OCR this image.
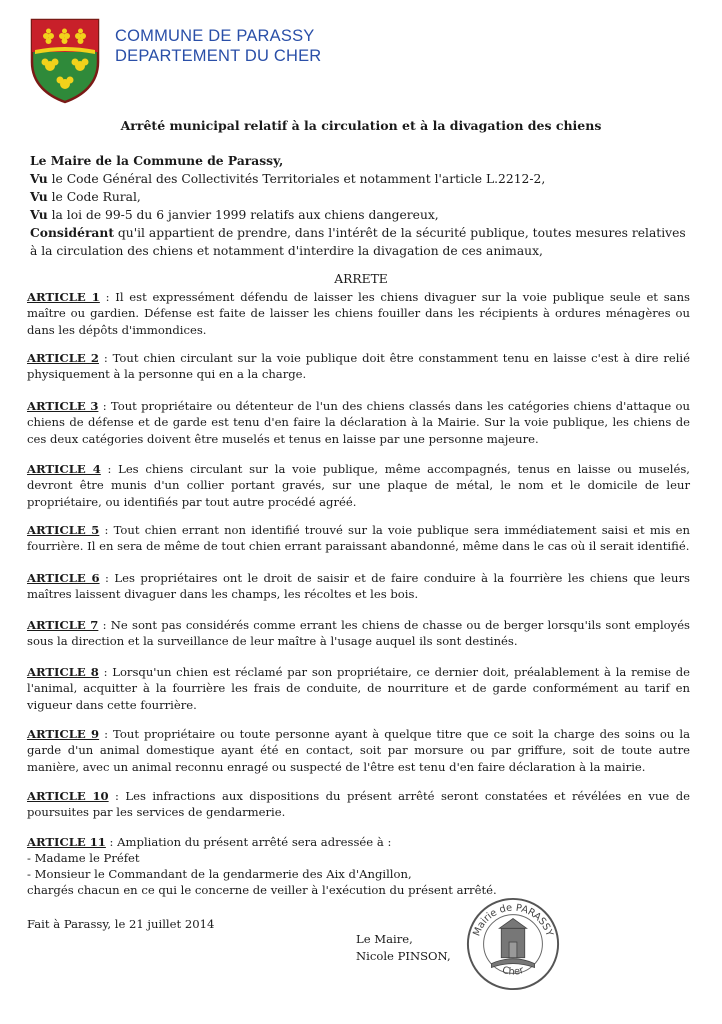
COMMUNE DE PARASSY
DEPARTEMENT DU CHER
Arrêté municipal relatif à la circulation et à la divagation des chiens
Le Maire de la Commune de Parassy,
Vu le Code Général des Collectivités Territoriales et notamment l'article L.2212-2,
Vu le Code Rural,
Vu la loi de 99-5 du 6 janvier 1999 relatifs aux chiens dangereux,
Considérant qu'il appartient de prendre, dans l'intérêt de la sécurité publique, toutes mesures relatives à la circulation des chiens et notamment d'interdire la divagation de ces animaux,
ARRETE
ARTICLE 1 : Il est expressément défendu de laisser les chiens divaguer sur la voie publique seule et sans maître ou gardien. Défense est faite de laisser les chiens fouiller dans les récipients à ordures ménagères ou dans les dépôts d'immondices.
ARTICLE 2 : Tout chien circulant sur la voie publique doit être constamment tenu en laisse c'est à dire relié physiquement à la personne qui en a la charge.
ARTICLE 3 : Tout propriétaire ou détenteur de l'un des chiens classés dans les catégories chiens d'attaque ou chiens de défense et de garde est tenu d'en faire la déclaration à la Mairie. Sur la voie publique, les chiens de ces deux catégories doivent être muselés et tenus en laisse par une personne majeure.
ARTICLE 4 : Les chiens circulant sur la voie publique, même accompagnés, tenus en laisse ou muselés, devront être munis d'un collier portant gravés, sur une plaque de métal, le nom et le domicile de leur propriétaire, ou identifiés par tout autre procédé agréé.
ARTICLE 5 : Tout chien errant non identifié trouvé sur la voie publique sera immédiatement saisi et mis en fourrière. Il en sera de même de tout chien errant paraissant abandonné, même dans le cas où il serait identifié.
ARTICLE 6 : Les propriétaires ont le droit de saisir et de faire conduire à la fourrière les chiens que leurs maîtres laissent divaguer dans les champs, les récoltes et les bois.
ARTICLE 7 : Ne sont pas considérés comme errant les chiens de chasse ou de berger lorsqu'ils sont employés sous la direction et la surveillance de leur maître à l'usage auquel ils sont destinés.
ARTICLE 8 : Lorsqu'un chien est réclamé par son propriétaire, ce dernier doit, préalablement à la remise de l'animal, acquitter à la fourrière les frais de conduite, de nourriture et de garde conformément au tarif en vigueur dans cette fourrière.
ARTICLE 9 : Tout propriétaire ou toute personne ayant à quelque titre que ce soit la charge des soins ou la garde d'un animal domestique ayant été en contact, soit par morsure ou par griffure, soit de toute autre manière, avec un animal reconnu enragé ou suspecté de l'être est tenu d'en faire déclaration à la mairie.
ARTICLE 10 : Les infractions aux dispositions du présent arrêté seront constatées et révélées en vue de poursuites par les services de gendarmerie.
ARTICLE 11 : Ampliation du présent arrêté sera adressée à :
- Madame le Préfet
- Monsieur le Commandant de la gendarmerie des Aix d'Angillon,
chargés chacun en ce qui le concerne de veiller à l'exécution du présent arrêté.
Fait à Parassy, le 21 juillet 2014
Le Maire,
Nicole PINSON,
Mairie de PARASSY
Cher
